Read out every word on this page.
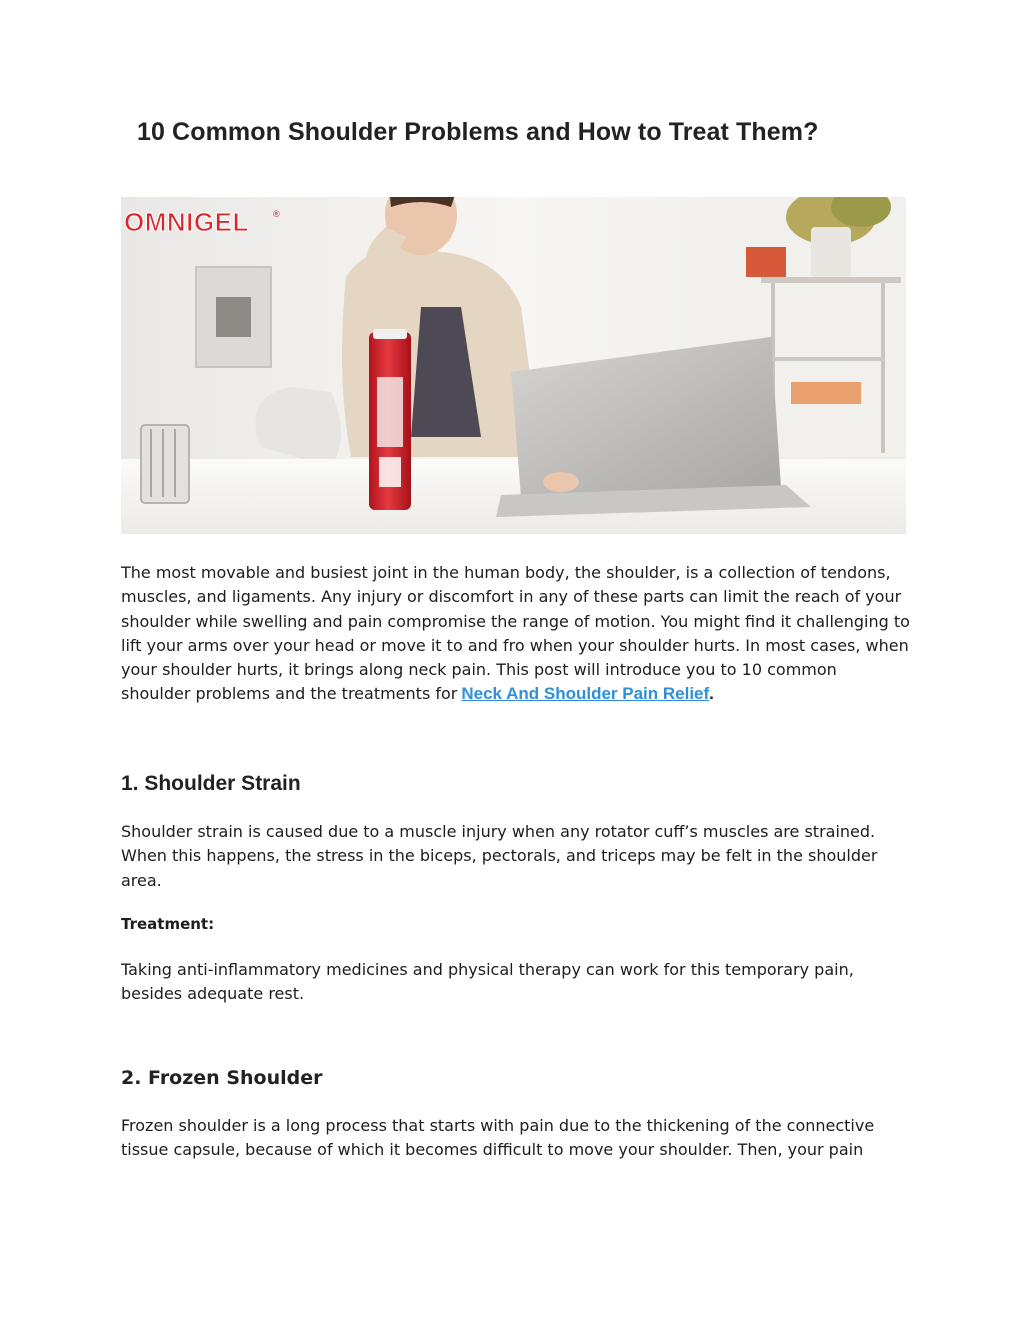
10 Common Shoulder Problems and How to Treat Them?
OMNIGEL	®

The most movable and busiest joint in the human body, the shoulder, is a collection of tendons, muscles, and ligaments. Any injury or discomfort in any of these parts can limit the reach of your shoulder while swelling and pain compromise the range of motion. You might find it challenging to lift your arms over your head or move it to and fro when your shoulder hurts. In most cases, when your shoulder hurts, it brings along neck pain. This post will introduce you to 10 common shoulder problems and the treatments for Neck And Shoulder Pain Relief.

1. Shoulder Strain

Shoulder strain is caused due to a muscle injury when any rotator cuff’s muscles are strained. When this happens, the stress in the biceps, pectorals, and triceps may be felt in the shoulder area.

Treatment:

Taking anti-inflammatory medicines and physical therapy can work for this temporary pain, besides adequate rest.

2. Frozen Shoulder

Frozen shoulder is a long process that starts with pain due to the thickening of the connective tissue capsule, because of which it becomes difficult to move your shoulder. Then, your pain
